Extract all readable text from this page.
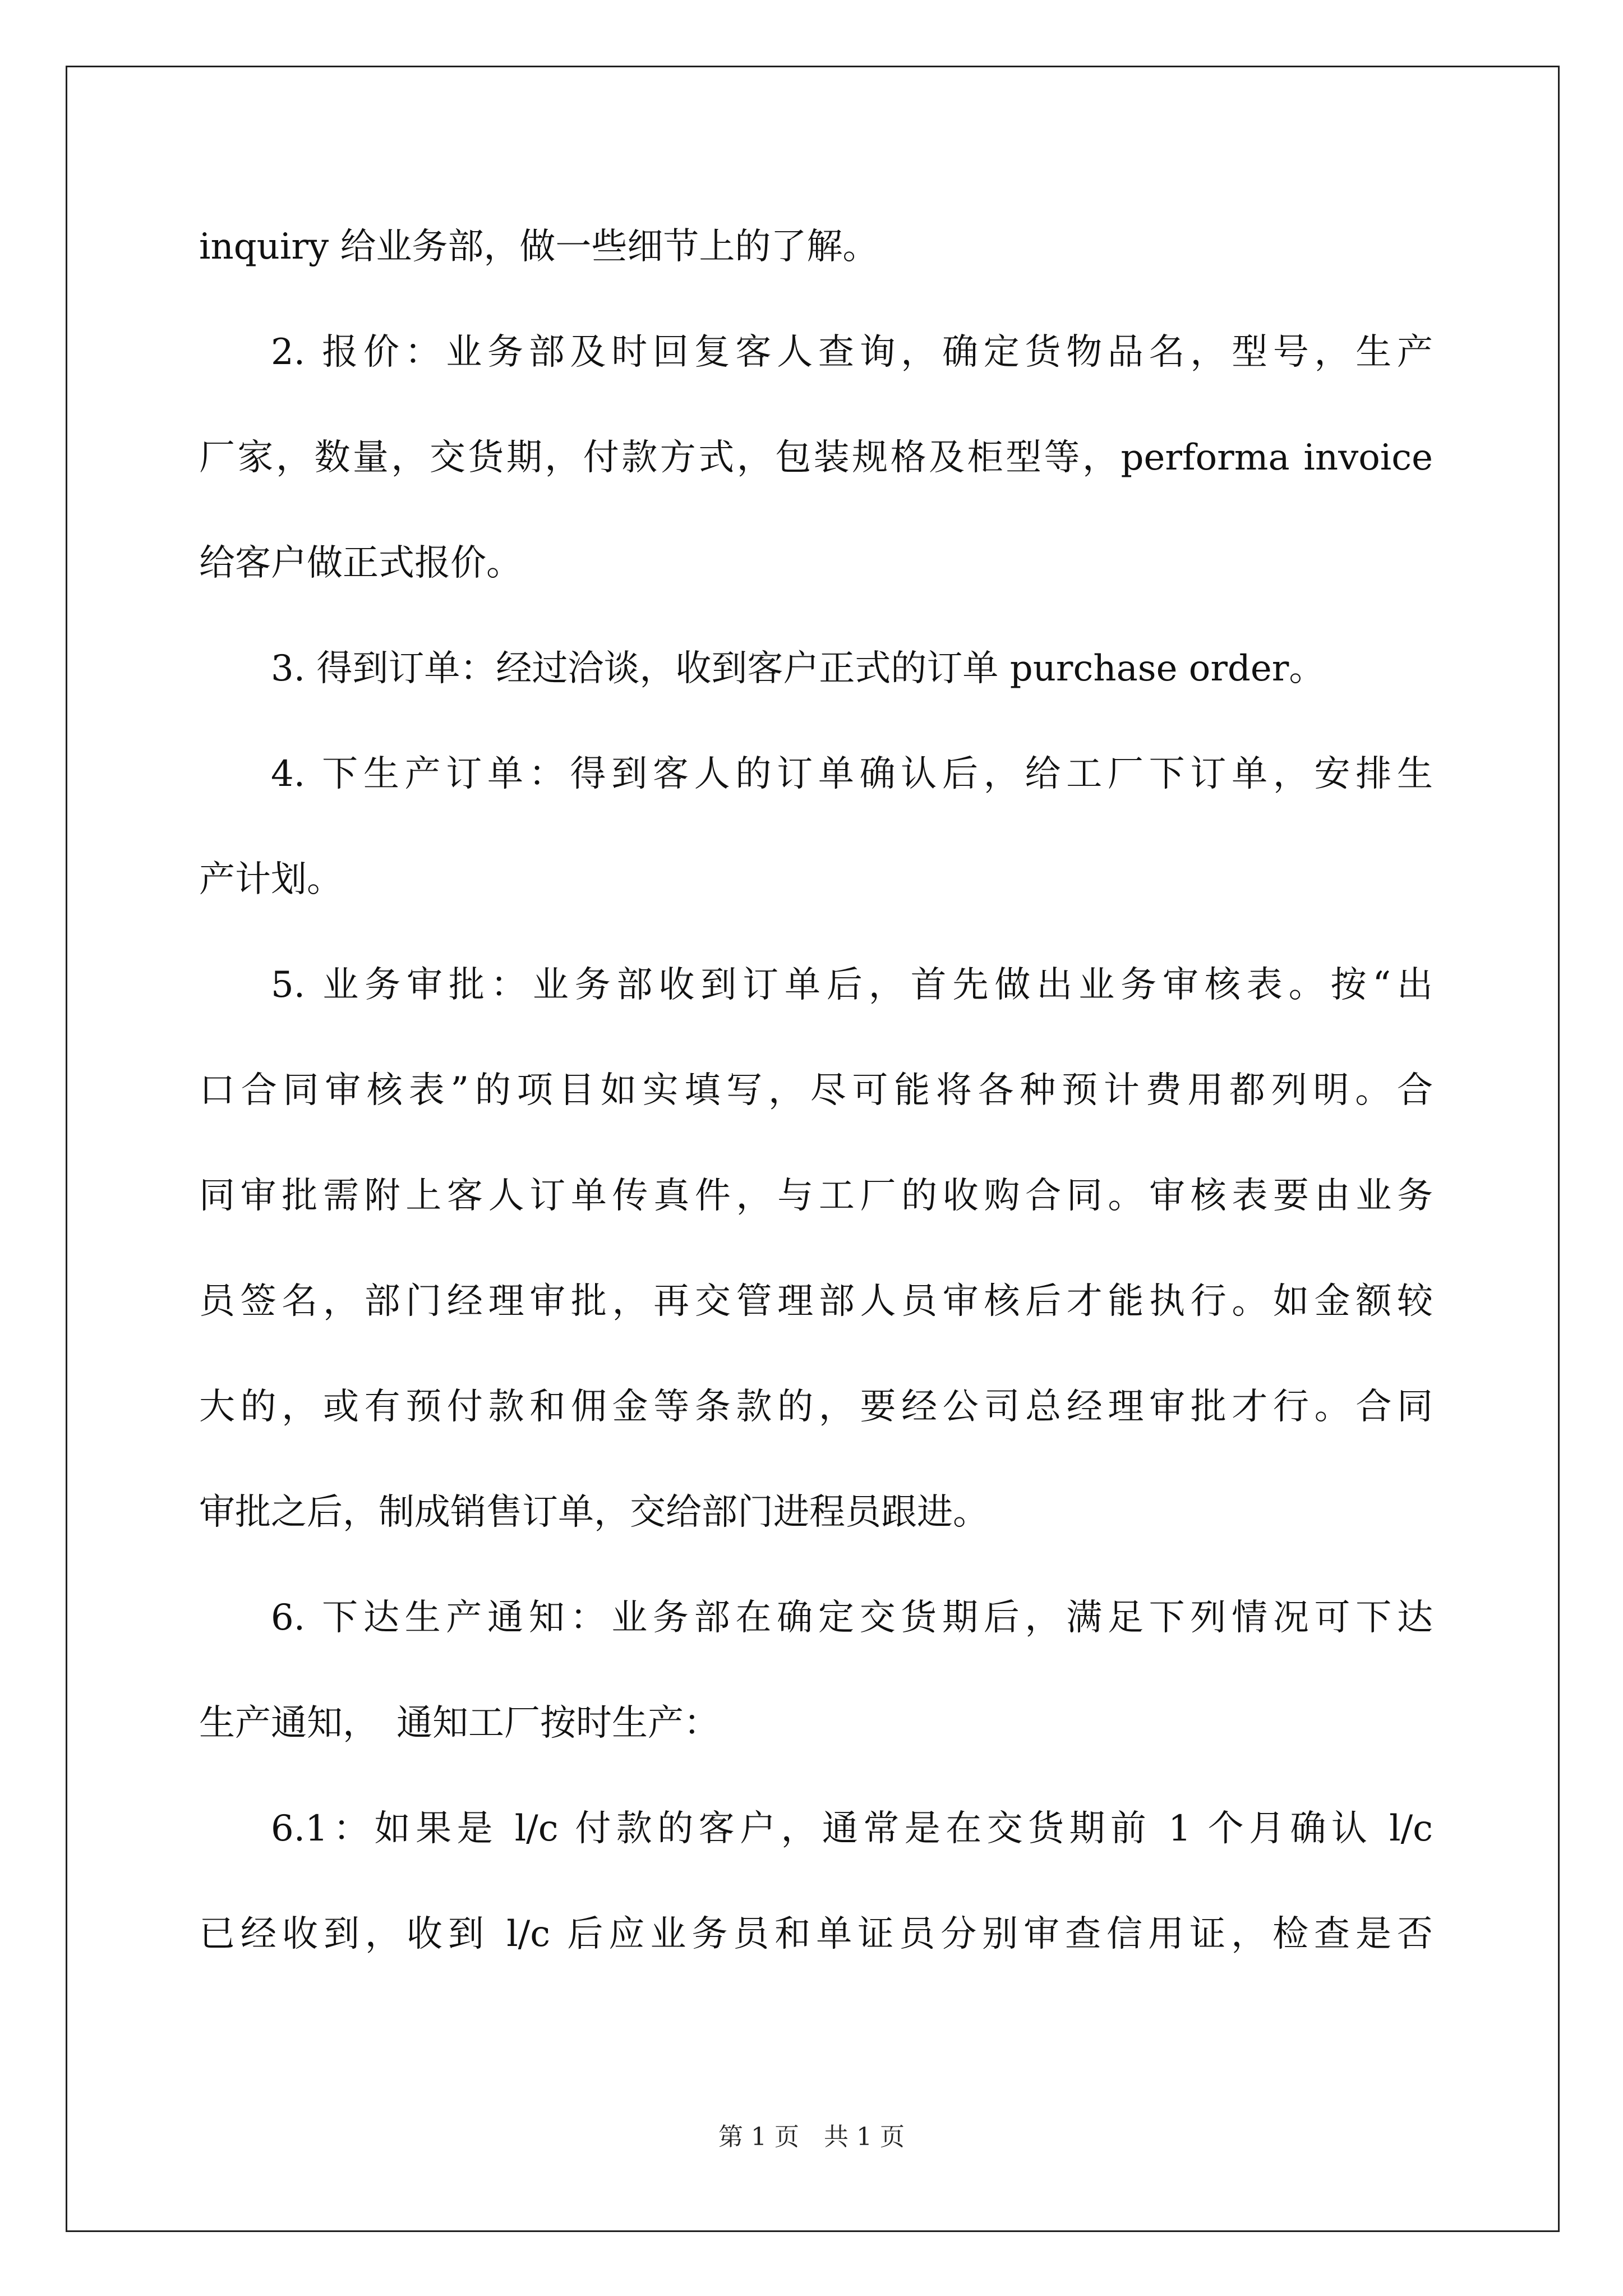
inquiry 给业务部，做一些细节上的了解。
2. 报价：业务部及时回复客人查询，确定货物品名，型号，生产
厂家，数量，交货期，付款方式，包装规格及柜型等，performa invoice
给客户做正式报价。
3. 得到订单：经过洽谈，收到客户正式的订单 purchase order。
4. 下生产订单：得到客人的订单确认后，给工厂下订单，安排生
产计划。
5. 业务审批：业务部收到订单后，首先做出业务审核表。按“出
口合同审核表”的项目如实填写，尽可能将各种预计费用都列明。合
同审批需附上客人订单传真件，与工厂的收购合同。审核表要由业务
员签名，部门经理审批，再交管理部人员审核后才能执行。如金额较
大的，或有预付款和佣金等条款的，要经公司总经理审批才行。合同
审批之后，制成销售订单，交给部门进程员跟进。
6. 下达生产通知：业务部在确定交货期后，满足下列情况可下达
生产通知，　通知工厂按时生产：
6.1：如果是 l/c 付款的客户，通常是在交货期前 1 个月确认 l/c
已经收到，收到 l/c 后应业务员和单证员分别审查信用证，检查是否
第 1 页　共 1 页
